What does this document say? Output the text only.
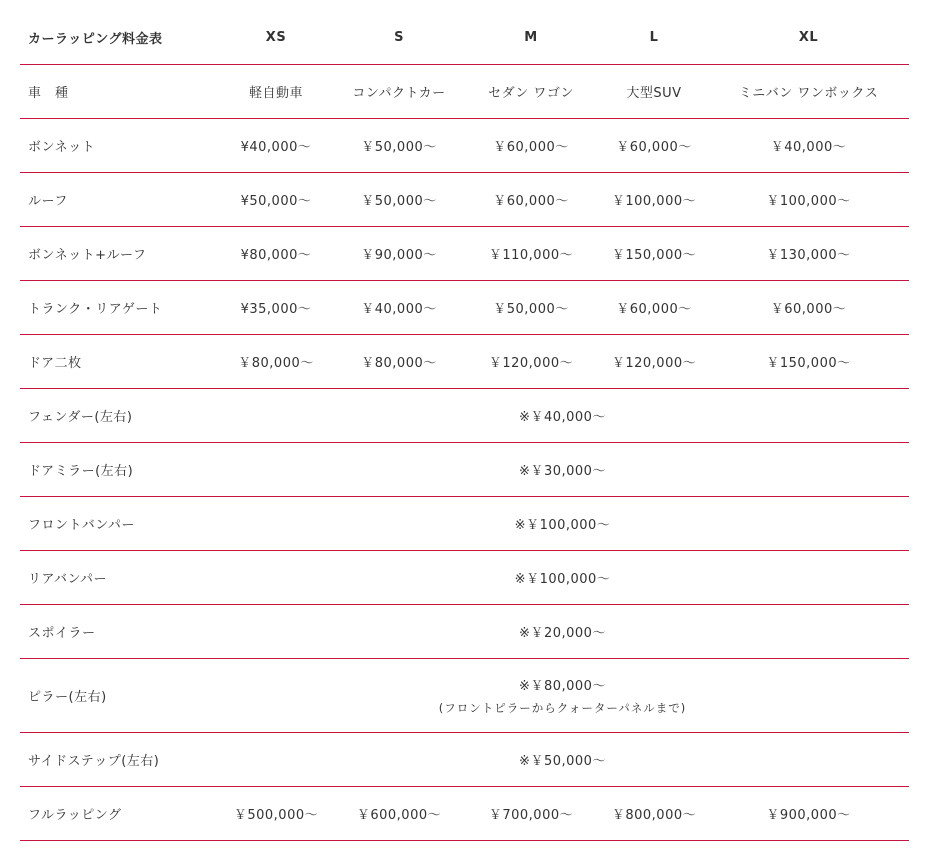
カーラッピング料金表	XS	S	M	L	XL
車　種	軽自動車	コンパクトカー	セダン ワゴン	大型SUV	ミニバン ワンボックス
ボンネット	¥40,000〜	￥50,000〜	￥60,000〜	￥60,000〜	￥40,000〜
ルーフ	¥50,000〜	￥50,000〜	￥60,000〜	￥100,000〜	￥100,000〜
ボンネット+ルーフ	¥80,000〜	￥90,000〜	￥110,000〜	￥150,000〜	￥130,000〜
トランク・リアゲート	¥35,000〜	￥40,000〜	￥50,000〜	￥60,000〜	￥60,000〜
ドア二枚	￥80,000〜	￥80,000〜	￥120,000〜	￥120,000〜	￥150,000〜
フェンダー(左右)	※￥40,000〜				
ドアミラー(左右)	※￥30,000〜				
フロントバンパー	※￥100,000〜				
リアバンパー	※￥100,000〜				
スポイラー	※￥20,000〜				
ピラー(左右)	※￥80,000〜
(フロントピラーからクォーターパネルまで)				

サイドステップ(左右)	※￥50,000〜				
フルラッピング	￥500,000〜	￥600,000〜	￥700,000〜	￥800,000〜	￥900,000〜
